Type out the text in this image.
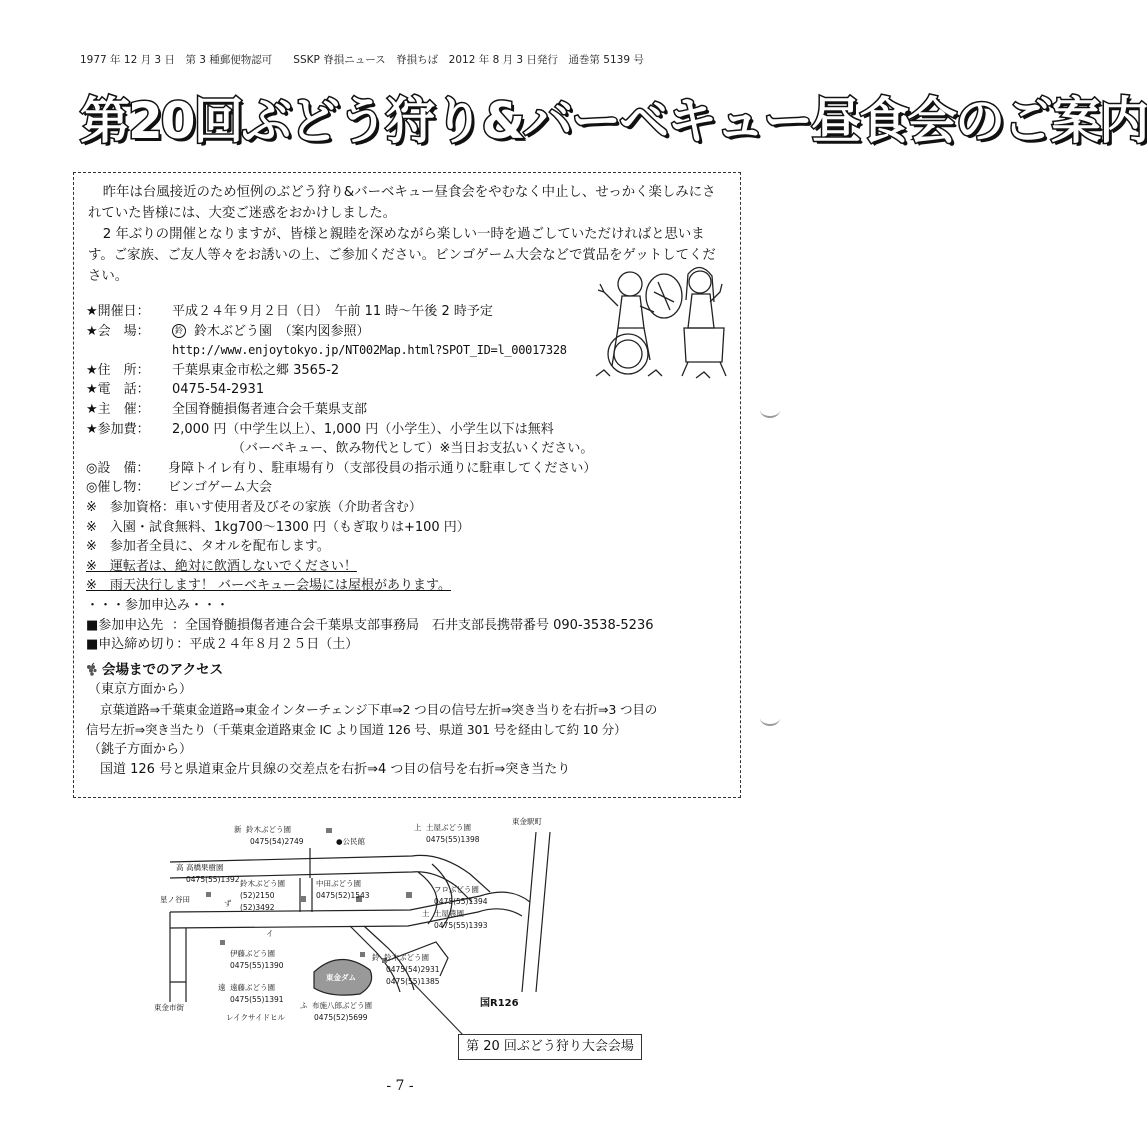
1977 年 12 月 3 日　第 3 種郵便物認可　　SSKP 脊損ニュース　脊損ちば　2012 年 8 月 3 日発行　通巻第 5139 号
第20回ぶどう狩り&バーベキュー昼食会のご案内

昨年は台風接近のため恒例のぶどう狩り&バーベキュー昼食会をやむなく中止し、せっかく楽しみにされていた皆様には、大変ご迷惑をおかけしました。

2 年ぶりの開催となりますが、皆様と親睦を深めながら楽しい一時を過ごしていただければと思います。ご家族、ご友人等々をお誘いの上、ご参加ください。ビンゴゲーム大会などで賞品をゲットしてください。

★開催日： 平成２４年９月２日（日）　午前 11 時～午後 2 時予定
★会　場：	鈴 鈴木ぶどう園　（案内図参照）
http://www.enjoytokyo.jp/NT002Map.html?SPOT_ID=l_00017328
★住　所： 千葉県東金市松之郷 3565-2
★電　話： 0475-54-2931
★主　催： 全国脊髄損傷者連合会千葉県支部
★参加費： 2,000 円（中学生以上）、1,000 円（小学生）、小学生以下は無料
（バーベキュー、飲み物代として）※当日お支払いください。
◎設　備： 身障トイレ有り、駐車場有り（支部役員の指示通りに駐車してください）
◎催し物： ビンゴゲーム大会
※　参加資格：車いす使用者及びその家族（介助者含む）
※　入園・試食無料、1kg700～1300 円（もぎ取りは+100 円）
※　参加者全員に、タオルを配布します。
※　運転者は、絶対に飲酒しないでください！
※　雨天決行します！ バーベキュー会場には屋根があります。
・・・参加申込み・・・
■参加申込先 ：全国脊髄損傷者連合会千葉県支部事務局　石井支部長携帯番号 090-3538-5236
■申込締め切り：平成２４年８月２５日（土）
会場までのアクセス
（東京方面から）
京葉道路⇒千葉東金道路⇒東金インターチェンジ下車⇒2 つ目の信号左折⇒突き当りを右折⇒3 つ目の
信号左折⇒突き当たり（千葉東金道路東金 IC より国道 126 号、県道 301 号を経由して約 10 分）
（銚子方面から）
国道 126 号と県道東金片貝線の交差点を右折⇒4 つ目の信号を右折⇒突き当たり
新 鈴木ぶどう園
0475(54)2749	●公民館
上 土屋ぶどう園
0475(55)1398
東金駅町
高 高橋果樹園
0475(55)1392
ず
鈴木ぶどう園
(52)2150
(52)3492
中田ぶどう園
0475(52)1543
フロぶどう園
0475(55)1394
土 土屋農園
0475(55)1393
星ノ谷田
イ
伊藤ぶどう園
0475(55)1390
鈴 鈴木ぶどう園
0475(54)2931
0475(55)1385
遠 遠藤ぶどう園
0475(55)1391
東金ダム
ふ 布施八郎ぶどう園
0475(52)5699
東金市街
レイクサイドヒル
国R126
第 20 回ぶどう狩り大会会場
- 7 -
